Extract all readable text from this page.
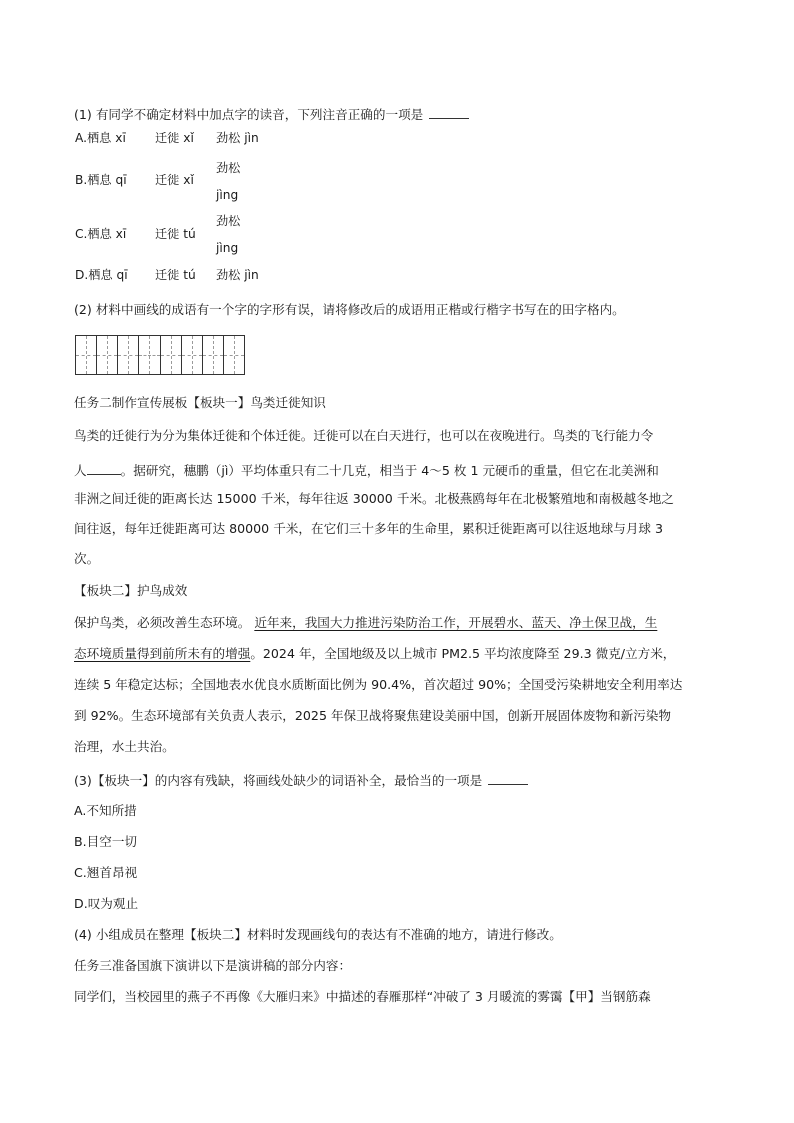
(1) 有同学不确定材料中加点字的读音，下列注音正确的一项是
A.栖息 xī 迁徙 xǐ 劲松 jìn
B.栖息 qī 迁徙 xǐ
劲松
jìng
C.栖息 xī 迁徙 tú
劲松
jìng
D.栖息 qī 迁徙 tú 劲松 jìn
(2) 材料中画线的成语有一个字的字形有误，请将修改后的成语用正楷或行楷字书写在的田字格内。
任务二制作宣传展板【板块一】鸟类迁徙知识
鸟类的迁徙行为分为集体迁徙和个体迁徙。迁徙可以在白天进行，也可以在夜晚进行。鸟类的飞行能力令
人	。据研究，穗鹏（jì）平均体重只有二十几克，相当于 4～5 枚 1 元硬币的重量，但它在北美洲和
非洲之间迁徙的距离长达 15000 千米，每年往返 30000 千米。北极燕鸥每年在北极繁殖地和南极越冬地之
间往返，每年迁徙距离可达 80000 千米，在它们三十多年的生命里，累积迁徙距离可以往返地球与月球 3
次。
【板块二】护鸟成效
保护鸟类，必须改善生态环境。 近年来，我国大力推进污染防治工作，开展碧水、蓝天、净土保卫战，生
态环境质量得到前所未有的增强。2024 年，全国地级及以上城市 PM2.5 平均浓度降至 29.3 微克/立方米，
连续 5 年稳定达标；全国地表水优良水质断面比例为 90.4%，首次超过 90%；全国受污染耕地安全利用率达
到 92%。生态环境部有关负责人表示，2025 年保卫战将聚焦建设美丽中国，创新开展固体废物和新污染物
治理，水土共治。
(3)【板块一】的内容有残缺，将画线处缺少的词语补全，最恰当的一项是
A.不知所措
B.目空一切
C.翘首昂视
D.叹为观止
(4) 小组成员在整理【板块二】材料时发现画线句的表达有不准确的地方，请进行修改。
任务三准备国旗下演讲以下是演讲稿的部分内容：
同学们，当校园里的燕子不再像《大雁归来》中描述的春雁那样“冲破了 3 月暖流的雾霭【甲】当钢筋森
